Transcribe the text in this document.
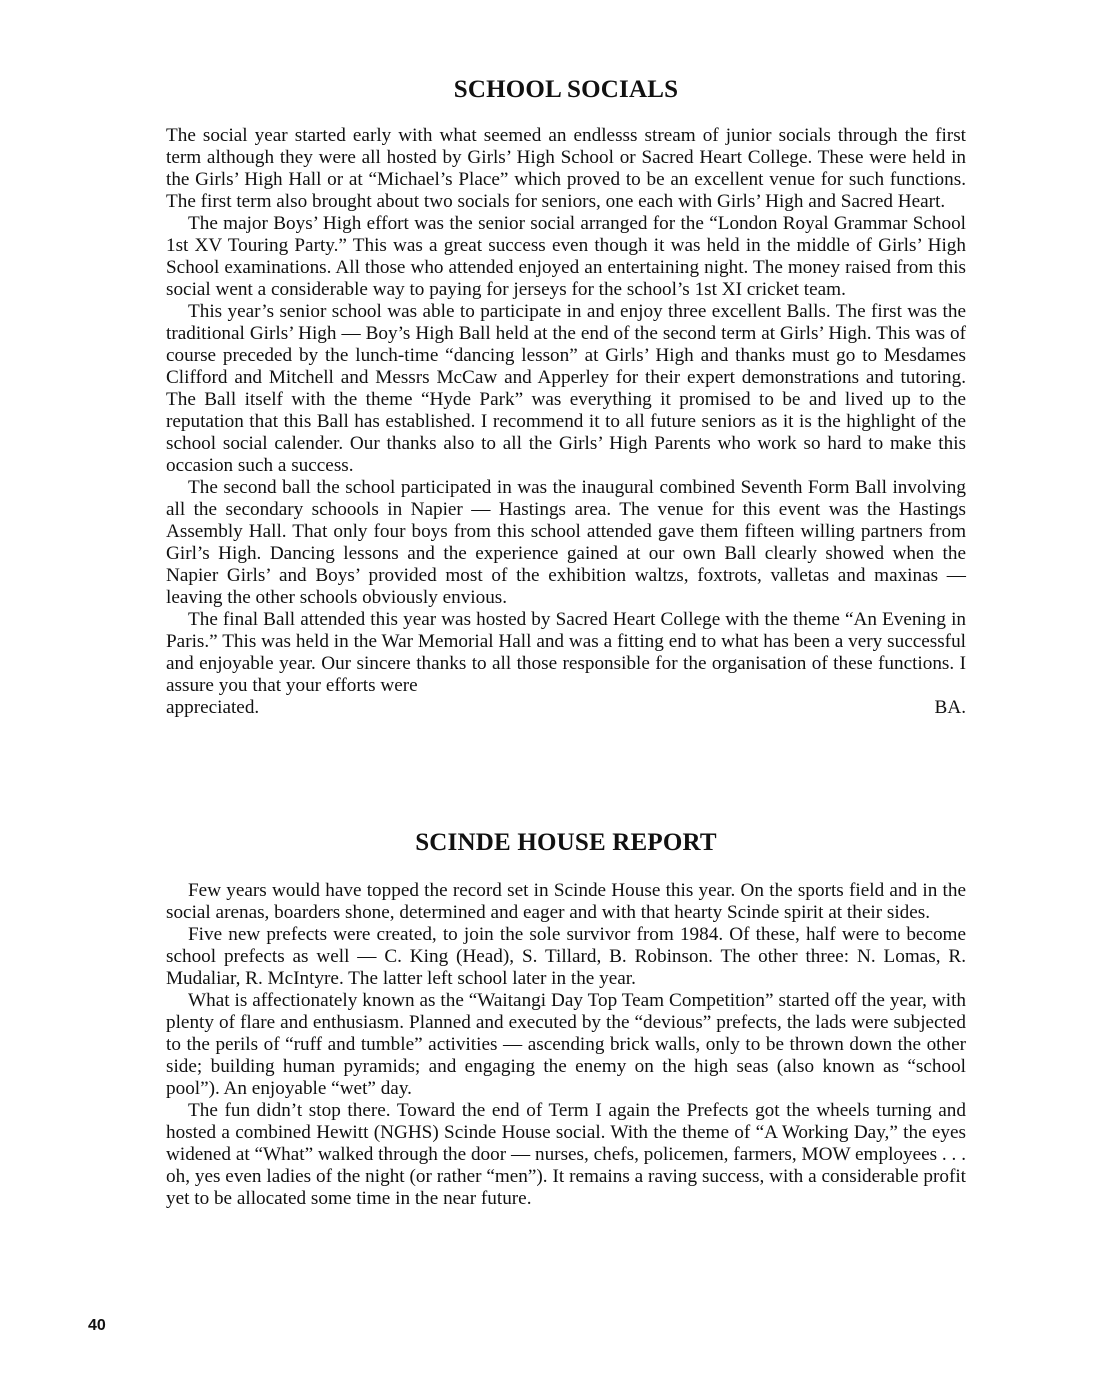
SCHOOL SOCIALS

The social year started early with what seemed an endlesss stream of junior socials through the first term although they were all hosted by Girls’ High School or Sacred Heart College. These were held in the Girls’ High Hall or at “Michael’s Place” which proved to be an excellent venue for such functions. The first term also brought about two socials for seniors, one each with Girls’ High and Sacred Heart.

The major Boys’ High effort was the senior social arranged for the “London Royal Grammar School 1st XV Touring Party.” This was a great success even though it was held in the middle of Girls’ High School examinations. All those who attended enjoyed an entertaining night. The money raised from this social went a considerable way to paying for jerseys for the school’s 1st XI cricket team.

This year’s senior school was able to participate in and enjoy three excellent Balls. The first was the traditional Girls’ High — Boy’s High Ball held at the end of the second term at Girls’ High. This was of course preceded by the lunch-time “dancing lesson” at Girls’ High and thanks must go to Mesdames Clifford and Mitchell and Messrs McCaw and Apperley for their expert demonstrations and tutoring. The Ball itself with the theme “Hyde Park” was everything it promised to be and lived up to the reputation that this Ball has established. I recommend it to all future seniors as it is the highlight of the school social calender. Our thanks also to all the Girls’ High Parents who work so hard to make this occasion such a success.

The second ball the school participated in was the inaugural combined Seventh Form Ball involving all the secondary schoools in Napier — Hastings area. The venue for this event was the Hastings Assembly Hall. That only four boys from this school attended gave them fifteen willing partners from Girl’s High. Dancing lessons and the experience gained at our own Ball clearly showed when the Napier Girls’ and Boys’ provided most of the exhibition waltzs, foxtrots, valletas and maxinas — leaving the other schools obviously envious.

The final Ball attended this year was hosted by Sacred Heart College with the theme “An Evening in Paris.” This was held in the War Memorial Hall and was a fitting end to what has been a very successful and enjoyable year. Our sincere thanks to all those responsible for the organisation of these functions. I assure you that your efforts were

appreciated.	BA.

SCINDE HOUSE REPORT

Few years would have topped the record set in Scinde House this year. On the sports field and in the social arenas, boarders shone, determined and eager and with that hearty Scinde spirit at their sides.

Five new prefects were created, to join the sole survivor from 1984. Of these, half were to become school prefects as well — C. King (Head), S. Tillard, B. Robinson. The other three: N. Lomas, R. Mudaliar, R. McIntyre. The latter left school later in the year.

What is affectionately known as the “Waitangi Day Top Team Competition” started off the year, with plenty of flare and enthusiasm. Planned and executed by the “devious” prefects, the lads were subjected to the perils of “ruff and tumble” activities — ascending brick walls, only to be thrown down the other side; building human pyramids; and engaging the enemy on the high seas (also known as “school pool”). An enjoyable “wet” day.

The fun didn’t stop there. Toward the end of Term I again the Prefects got the wheels turning and hosted a combined Hewitt (NGHS) Scinde House social. With the theme of “A Working Day,” the eyes widened at “What” walked through the door — nurses, chefs, policemen, farmers, MOW employees . . . oh, yes even ladies of the night (or rather “men”). It remains a raving success, with a considerable profit yet to be allocated some time in the near future.

40
